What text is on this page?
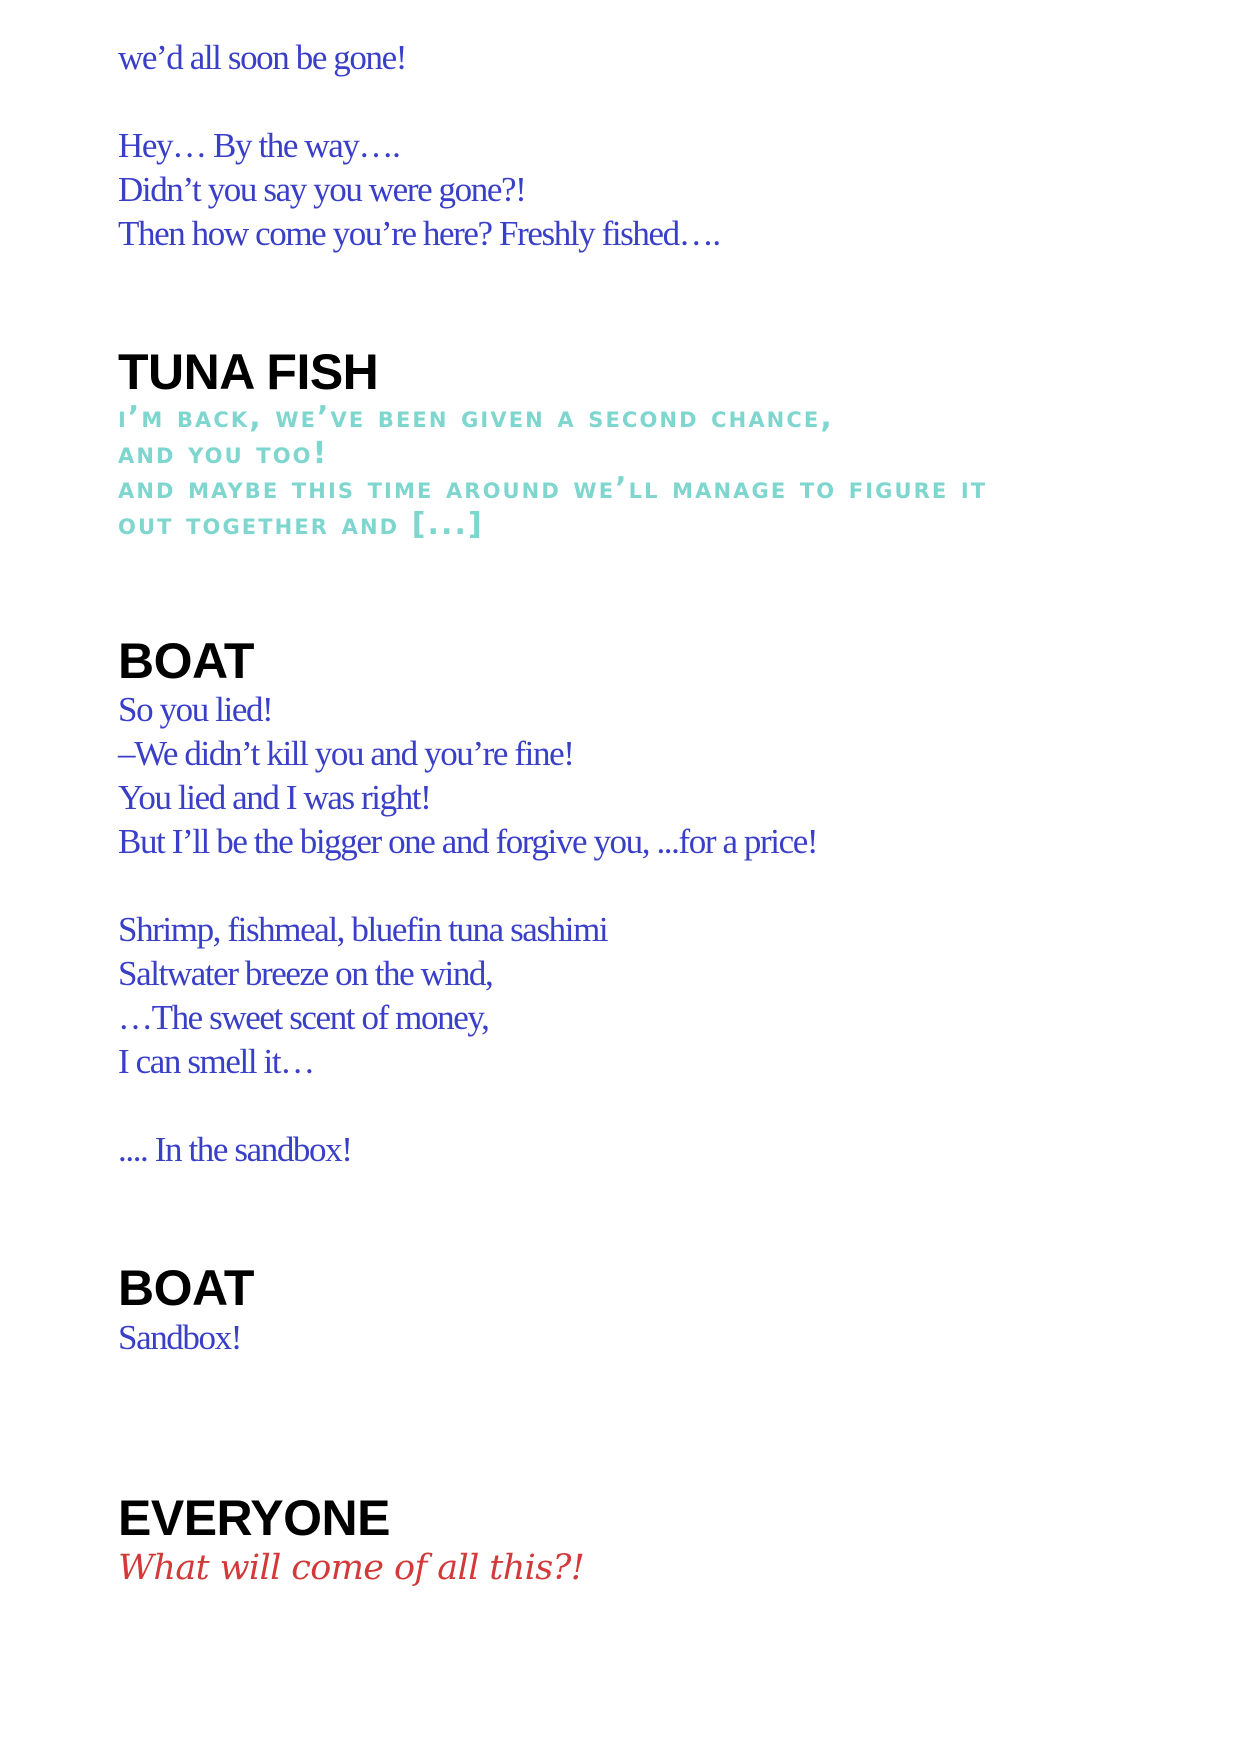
we’d all soon be gone!

Hey… By the way….

Didn’t you say you were gone?!

Then how come you’re here? Freshly fished….

TUNA FISH

i’m back, we’ve been given a second chance,

and you too!

and maybe this time around we’ll manage to figure it

out together and [...]

BOAT

So you lied!

–We didn’t kill you and you’re fine!

You lied and I was right!

But I’ll be the bigger one and forgive you, ...for a price!

Shrimp, fishmeal, bluefin tuna sashimi

Saltwater breeze on the wind,

…The sweet scent of money,

I can smell it…

.... In the sandbox!

BOAT

Sandbox!

EVERYONE

What will come of all this?!
